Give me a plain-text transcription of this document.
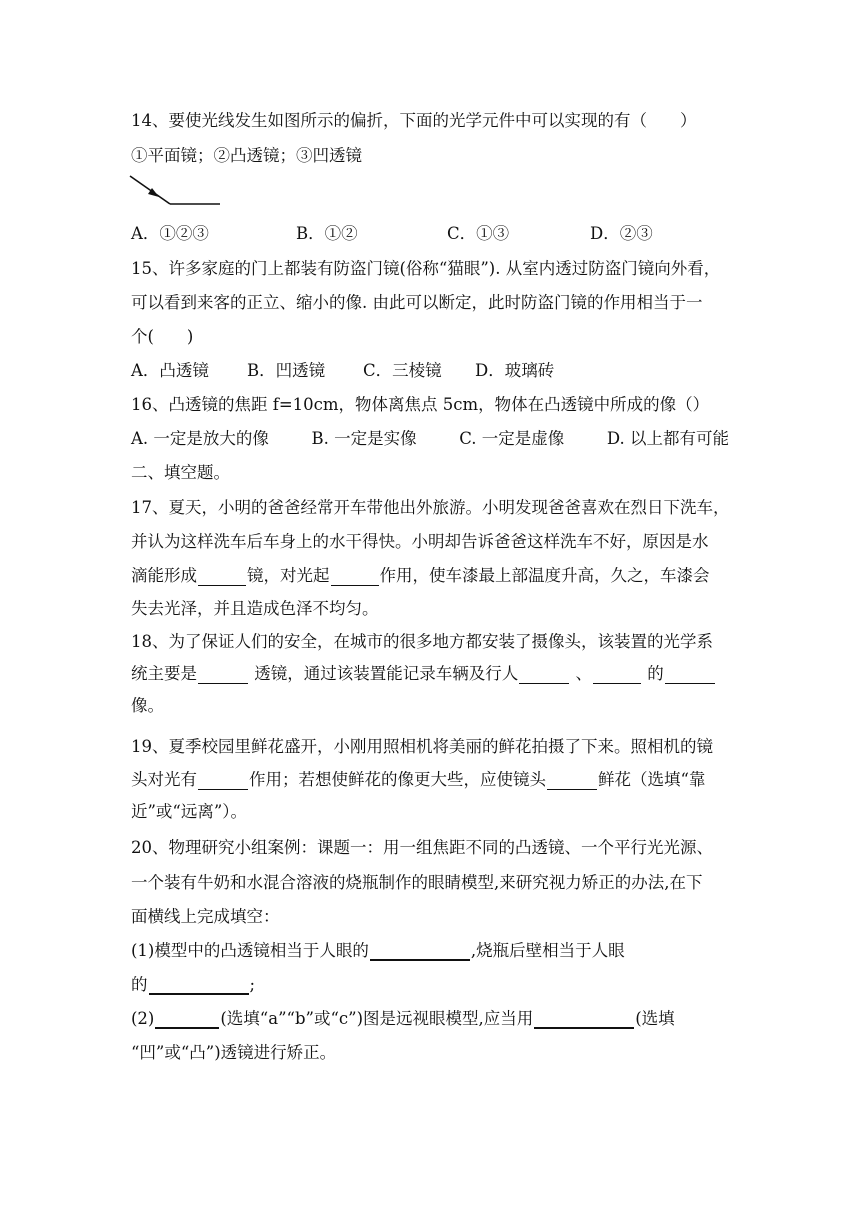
14、要使光线发生如图所示的偏折，下面的光学元件中可以实现的有（　　）
①平面镜；②凸透镜；③凹透镜
A．①②③	B．①②	C．①③	D．②③
15、许多家庭的门上都装有防盗门镜(俗称“猫眼”). 从室内透过防盗门镜向外看，
可以看到来客的正立、缩小的像. 由此可以断定，此时防盗门镜的作用相当于一
个(　　)
A．凸透镜	B．凹透镜	C．三棱镜	D．玻璃砖
16、凸透镜的焦距 f=10cm，物体离焦点 5cm，物体在凸透镜中所成的像（）
A. 一定是放大的像	B. 一定是实像	C. 一定是虚像	D. 以上都有可能
二、填空题。
17、夏天，小明的爸爸经常开车带他出外旅游。小明发现爸爸喜欢在烈日下洗车，
并认为这样洗车后车身上的水干得快。小明却告诉爸爸这样洗车不好，原因是水
滴能形成	镜，对光起	作用，使车漆最上部温度升高，久之，车漆会
失去光泽，并且造成色泽不均匀。
18、为了保证人们的安全，在城市的很多地方都安装了摄像头，该装置的光学系
统主要是	透镜，通过该装置能记录车辆及行人	、	的
像。
19、夏季校园里鲜花盛开，小刚用照相机将美丽的鲜花拍摄了下来。照相机的镜
头对光有	作用；若想使鲜花的像更大些，应使镜头	鲜花（选填“靠
近”或“远离”）。
20、物理研究小组案例：课题一：用一组焦距不同的凸透镜、一个平行光光源、
一个装有牛奶和水混合溶液的烧瓶制作的眼睛模型,来研究视力矫正的办法,在下
面横线上完成填空：
(1)模型中的凸透镜相当于人眼的	,烧瓶后壁相当于人眼
的	;
(2)	(选填“a”“b”或“c”)图是远视眼模型,应当用	(选填
“凹”或“凸”)透镜进行矫正。
